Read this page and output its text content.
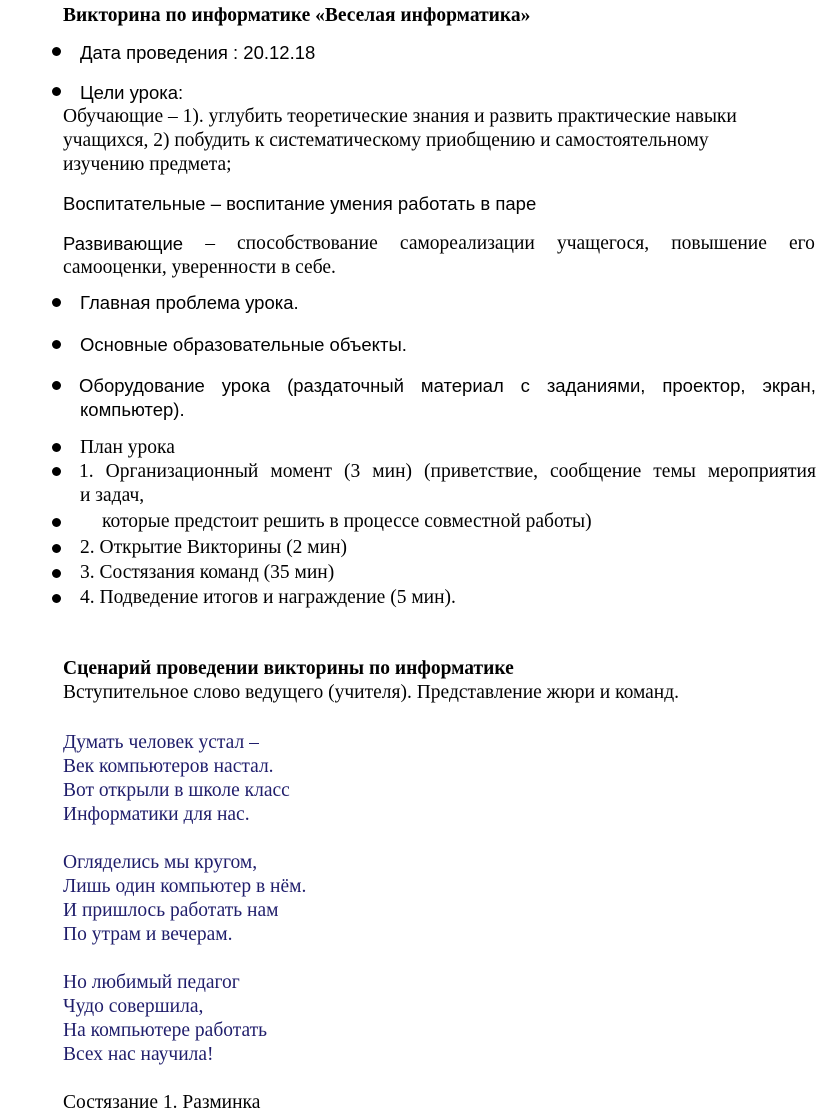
Викторина по информатике «Веселая информатика»
Дата проведения : 20.12.18
Цели урока:
Обучающие – 1). углубить теоретические знания и развить практические навыки
учащихся, 2) побудить к систематическому приобщению и самостоятельному
изучению предмета;
Воспитательные – воспитание умения работать в паре
Развивающие – способствование самореализации учащегося, повышение его
самооценки, уверенности в себе.
Главная проблема урока.
Основные образовательные объекты.
Оборудование урока (раздаточный материал с заданиями, проектор, экран,
компьютер).
План урока
1. Организационный момент (3 мин) (приветствие, сообщение темы мероприятия
и задач,
которые предстоит решить в процессе совместной работы)
2. Открытие Викторины (2 мин)
3. Состязания команд (35 мин)
4. Подведение итогов и награждение (5 мин).
Сценарий проведении викторины по информатике
Вступительное слово ведущего (учителя). Представление жюри и команд.
Думать человек устал –
Век компьютеров настал.
Вот открыли в школе класс
Информатики для нас.
Огляделись мы кругом,
Лишь один компьютер в нём.
И пришлось работать нам
По утрам и вечерам.
Но любимый педагог
Чудо совершила,
На компьютере работать
Всех нас научила!
Состязание 1. Разминка
